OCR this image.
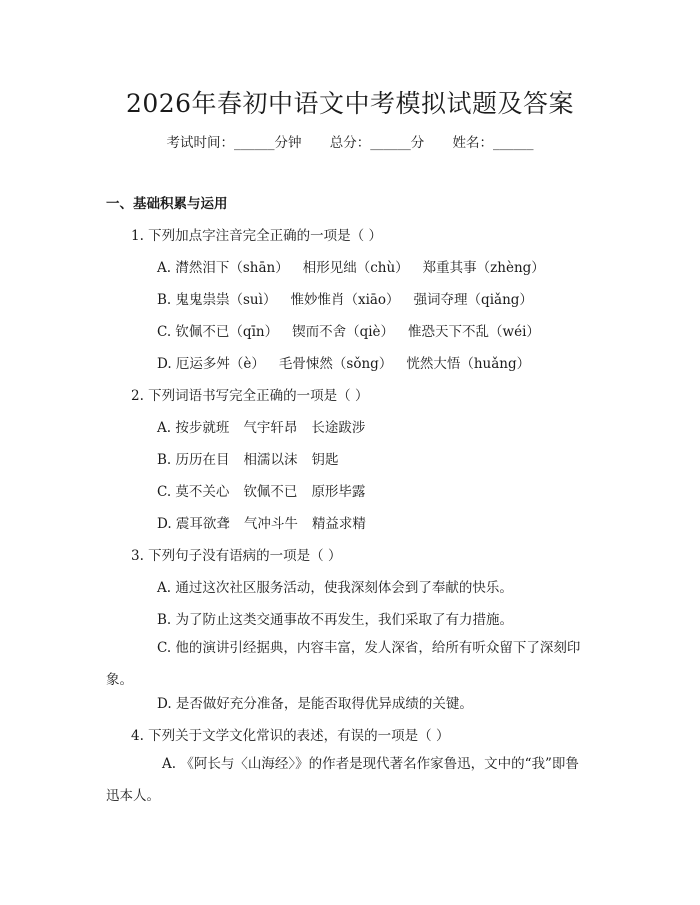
2026年春初中语文中考模拟试题及答案
考试时间：______分钟 总分：______分 姓名：______
一、基础积累与运用
1. 下列加点字注音完全正确的一项是（ ）
A. 潸然泪下（shān） 相形见绌（chù） 郑重其事（zhèng）
B. 鬼鬼祟祟（suì） 惟妙惟肖（xiāo） 强词夺理（qiǎng）
C. 钦佩不已（qīn） 锲而不舍（qiè） 惟恐天下不乱（wéi）
D. 厄运多舛（è） 毛骨悚然（sǒng） 恍然大悟（huǎng）
2. 下列词语书写完全正确的一项是（ ）
A. 按步就班 气宇轩昂 长途跋涉
B. 历历在目 相濡以沫 钥匙
C. 莫不关心 钦佩不已 原形毕露
D. 震耳欲聋 气冲斗牛 精益求精
3. 下列句子没有语病的一项是（ ）
A. 通过这次社区服务活动，使我深刻体会到了奉献的快乐。
B. 为了防止这类交通事故不再发生，我们采取了有力措施。
C. 他的演讲引经据典，内容丰富，发人深省，给所有听众留下了深刻印象。
D. 是否做好充分准备，是能否取得优异成绩的关键。
4. 下列关于文学文化常识的表述，有误的一项是（ ）
A. 《阿长与〈山海经〉》的作者是现代著名作家鲁迅，文中的“我”即鲁迅本人。
